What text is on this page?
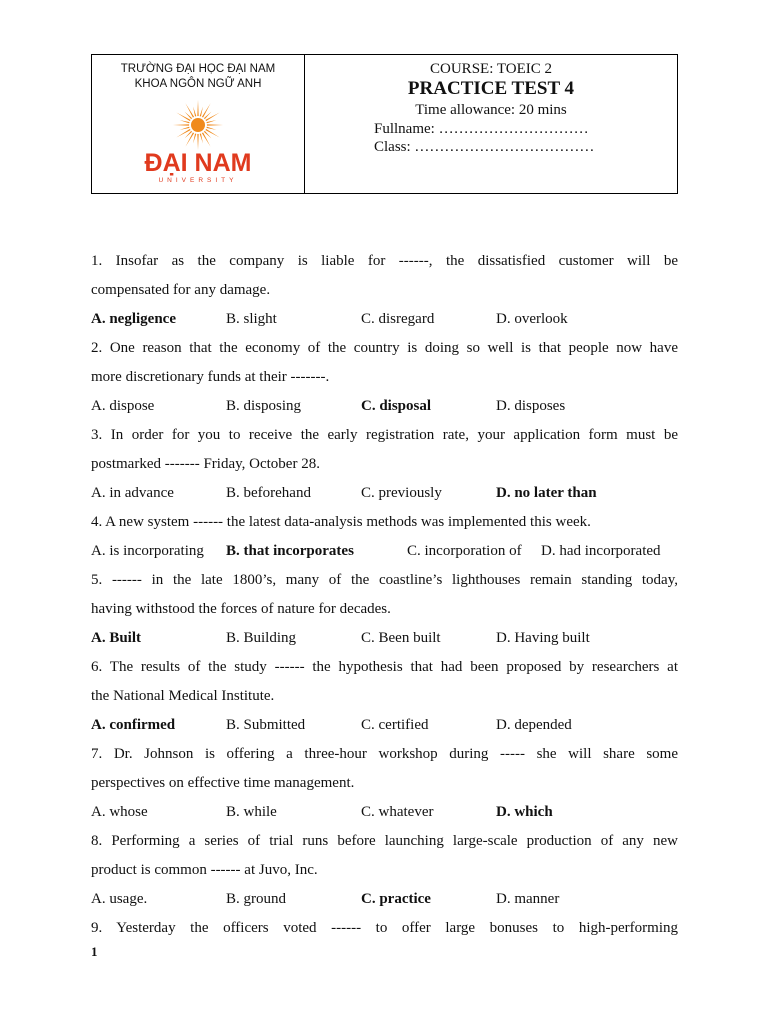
TRƯỜNG ĐẠI HỌC ĐẠI NAM
KHOA NGÔN NGỮ ANH
ĐẠI NAM
UNIVERSITY
COURSE: TOEIC 2
PRACTICE TEST 4
Time allowance: 20 mins
Fullname: …………………………
Class: ………………………………
1. Insofar as the company is liable for ------, the dissatisfied customer will be
compensated for any damage.
A. negligence	B. slight	C. disregard	D. overlook
2. One reason that the economy of the country is doing so well is that people now have
more discretionary funds at their -------.
A. dispose	B. disposing	C. disposal	D. disposes
3. In order for you to receive the early registration rate, your application form must be
postmarked ------- Friday, October 28.
A. in advance	B. beforehand	C. previously	D. no later than
4. A new system ------ the latest data-analysis methods was implemented this week.
A. is incorporating B. that incorporates	C. incorporation of D. had incorporated
5. ------ in the late 1800’s, many of the coastline’s lighthouses remain standing today,
having withstood the forces of nature for decades.
A. Built	B. Building	C. Been built	D. Having built
6. The results of the study ------ the hypothesis that had been proposed by researchers at
the National Medical Institute.
A. confirmed	B. Submitted	C. certified	D. depended
7. Dr. Johnson is offering a three-hour workshop during ----- she will share some
perspectives on effective time management.
A. whose	B. while	C. whatever	D. which
8. Performing a series of trial runs before launching large-scale production of any new
product is common ------ at Juvo, Inc.
A. usage.	B. ground	C. practice	D. manner
9. Yesterday the officers voted ------ to offer large bonuses to high-performing
1
